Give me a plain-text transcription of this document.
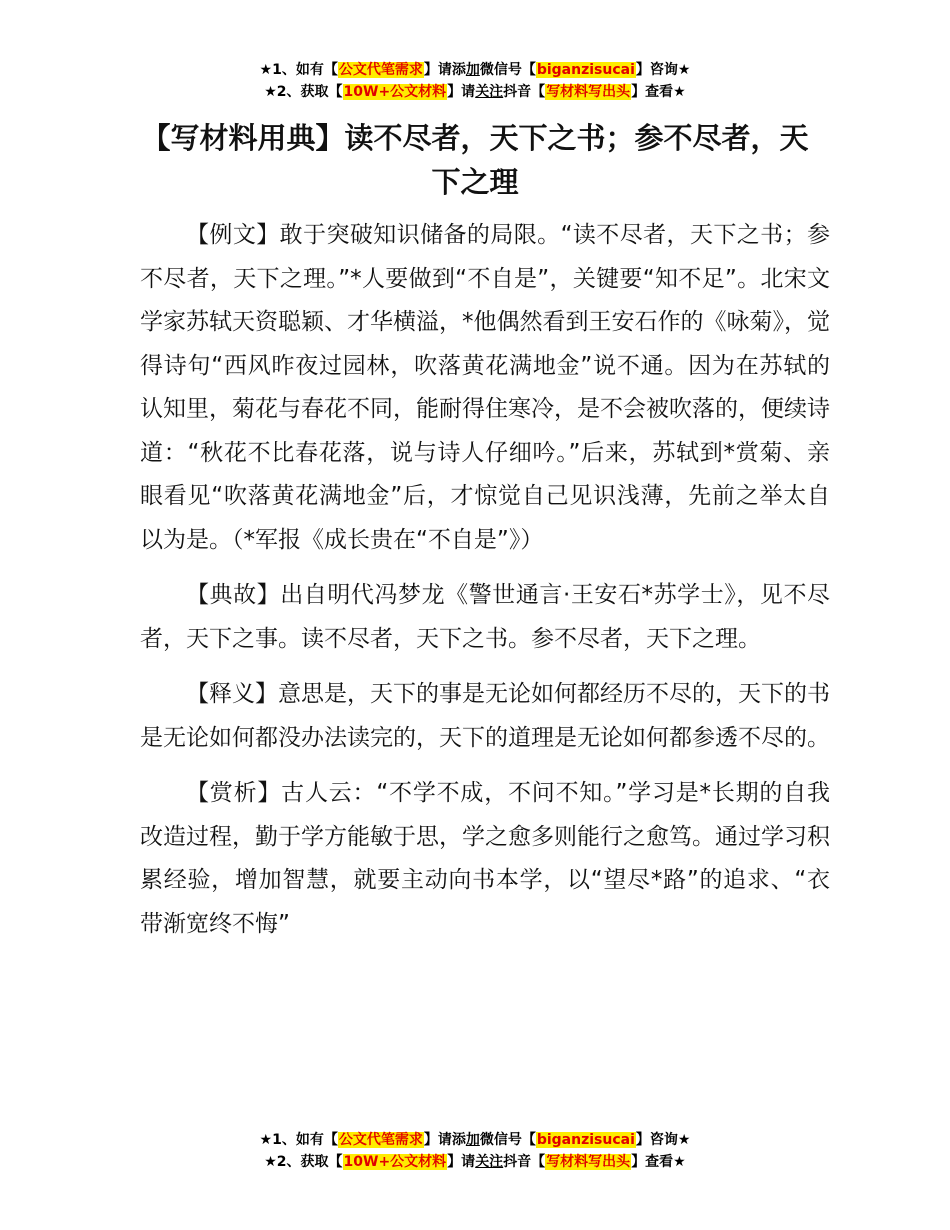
★1、如有【公文代笔需求】请添加微信号【biganzisucai】咨询★
★2、获取【10W+公文材料】请关注抖音【写材料写出头】查看★
【写材料用典】读不尽者，天下之书；参不尽者，天下之理

【例文】敢于突破知识储备的局限。“读不尽者，天下之书；参不尽者，天下之理。”*人要做到“不自是”，关键要“知不足”。北宋文学家苏轼天资聪颖、才华横溢，*他偶然看到王安石作的《咏菊》，觉得诗句“西风昨夜过园林，吹落黄花满地金”说不通。因为在苏轼的认知里，菊花与春花不同，能耐得住寒冷，是不会被吹落的，便续诗道：“秋花不比春花落，说与诗人仔细吟。”后来，苏轼到*赏菊、亲眼看见“吹落黄花满地金”后，才惊觉自己见识浅薄，先前之举太自以为是。（*军报《成长贵在“不自是”》）

【典故】出自明代冯梦龙《警世通言·王安石*苏学士》，见不尽者，天下之事。读不尽者，天下之书。参不尽者，天下之理。

【释义】意思是，天下的事是无论如何都经历不尽的，天下的书是无论如何都没办法读完的，天下的道理是无论如何都参透不尽的。

【赏析】古人云：“不学不成，不问不知。”学习是*长期的自我改造过程，勤于学方能敏于思，学之愈多则能行之愈笃。通过学习积累经验，增加智慧，就要主动向书本学，以“望尽*路”的追求、“衣带渐宽终不悔”

★1、如有【公文代笔需求】请添加微信号【biganzisucai】咨询★
★2、获取【10W+公文材料】请关注抖音【写材料写出头】查看★
